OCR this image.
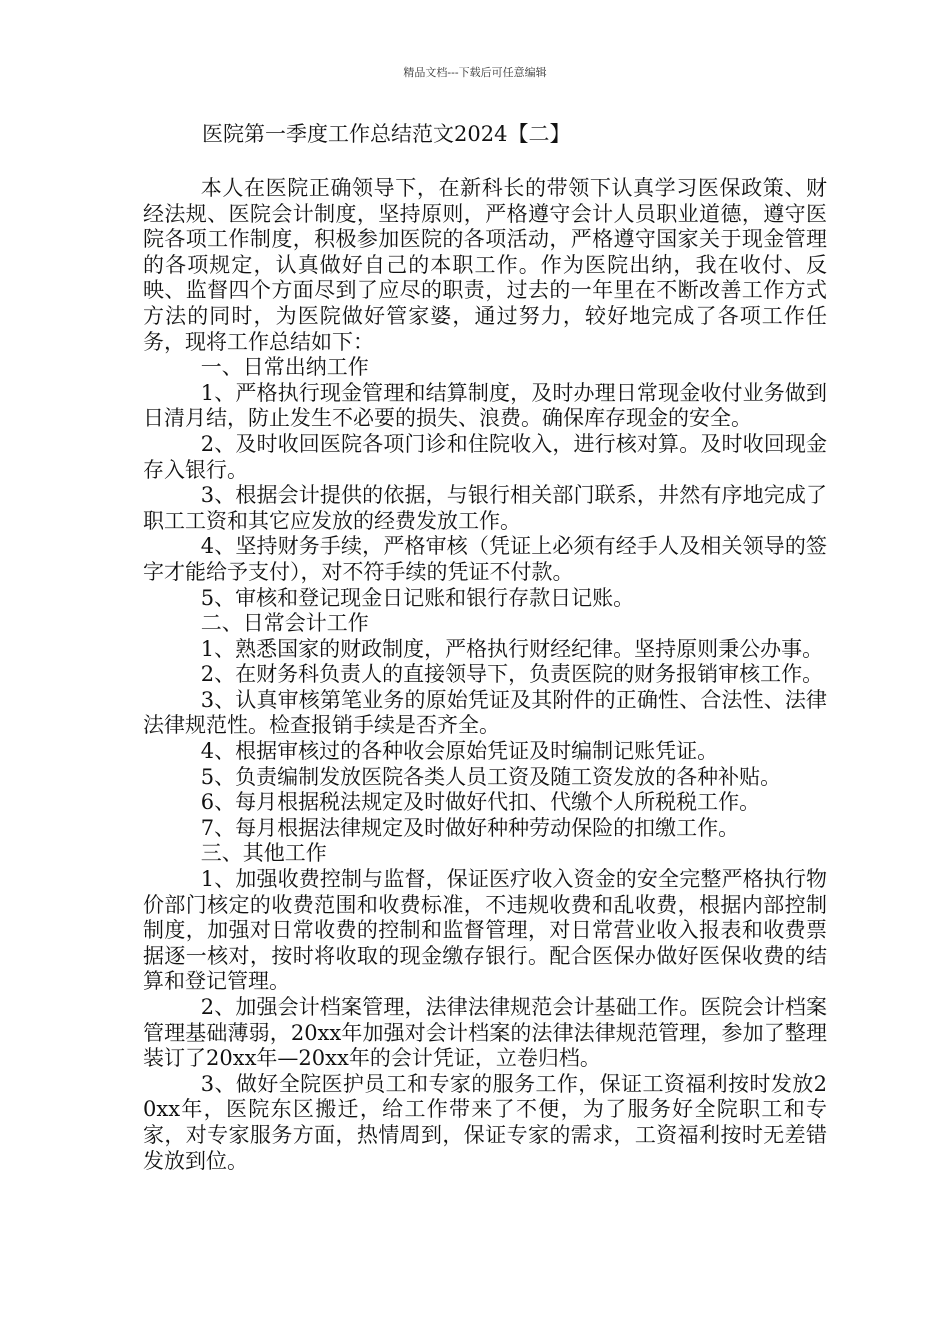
精品文档---下载后可任意编辑
医院第一季度工作总结范文2024【二】

本人在医院正确领导下，在新科长的带领下认真学习医保政策、财经法规、医院会计制度，坚持原则，严格遵守会计人员职业道德，遵守医院各项工作制度，积极参加医院的各项活动，严格遵守国家关于现金管理的各项规定，认真做好自己的本职工作。作为医院出纳，我在收付、反映、监督四个方面尽到了应尽的职责，过去的一年里在不断改善工作方式方法的同时，为医院做好管家婆，通过努力，较好地完成了各项工作任务，现将工作总结如下：

一、日常出纳工作

1、严格执行现金管理和结算制度，及时办理日常现金收付业务做到日清月结，防止发生不必要的损失、浪费。确保库存现金的安全。

2、及时收回医院各项门诊和住院收入，进行核对算。及时收回现金存入银行。

3、根据会计提供的依据，与银行相关部门联系，井然有序地完成了职工工资和其它应发放的经费发放工作。

4、坚持财务手续，严格审核（凭证上必须有经手人及相关领导的签字才能给予支付），对不符手续的凭证不付款。

5、审核和登记现金日记账和银行存款日记账。

二、日常会计工作

1、熟悉国家的财政制度，严格执行财经纪律。坚持原则秉公办事。

2、在财务科负责人的直接领导下，负责医院的财务报销审核工作。

3、认真审核第笔业务的原始凭证及其附件的正确性、合法性、法律法律规范性。检查报销手续是否齐全。

4、根据审核过的各种收会原始凭证及时编制记账凭证。

5、负责编制发放医院各类人员工资及随工资发放的各种补贴。

6、每月根据税法规定及时做好代扣、代缴个人所税税工作。

7、每月根据法律规定及时做好种种劳动保险的扣缴工作。

三、其他工作

1、加强收费控制与监督，保证医疗收入资金的安全完整严格执行物价部门核定的收费范围和收费标准，不违规收费和乱收费，根据内部控制制度，加强对日常收费的控制和监督管理，对日常营业收入报表和收费票据逐一核对，按时将收取的现金缴存银行。配合医保办做好医保收费的结算和登记管理。

2、加强会计档案管理，法律法律规范会计基础工作。医院会计档案管理基础薄弱，20xx年加强对会计档案的法律法律规范管理，参加了整理装订了20xx年—20xx年的会计凭证，立卷归档。

3、做好全院医护员工和专家的服务工作，保证工资福利按时发放20xx年，医院东区搬迁，给工作带来了不便，为了服务好全院职工和专家，对专家服务方面，热情周到，保证专家的需求，工资福利按时无差错发放到位。
